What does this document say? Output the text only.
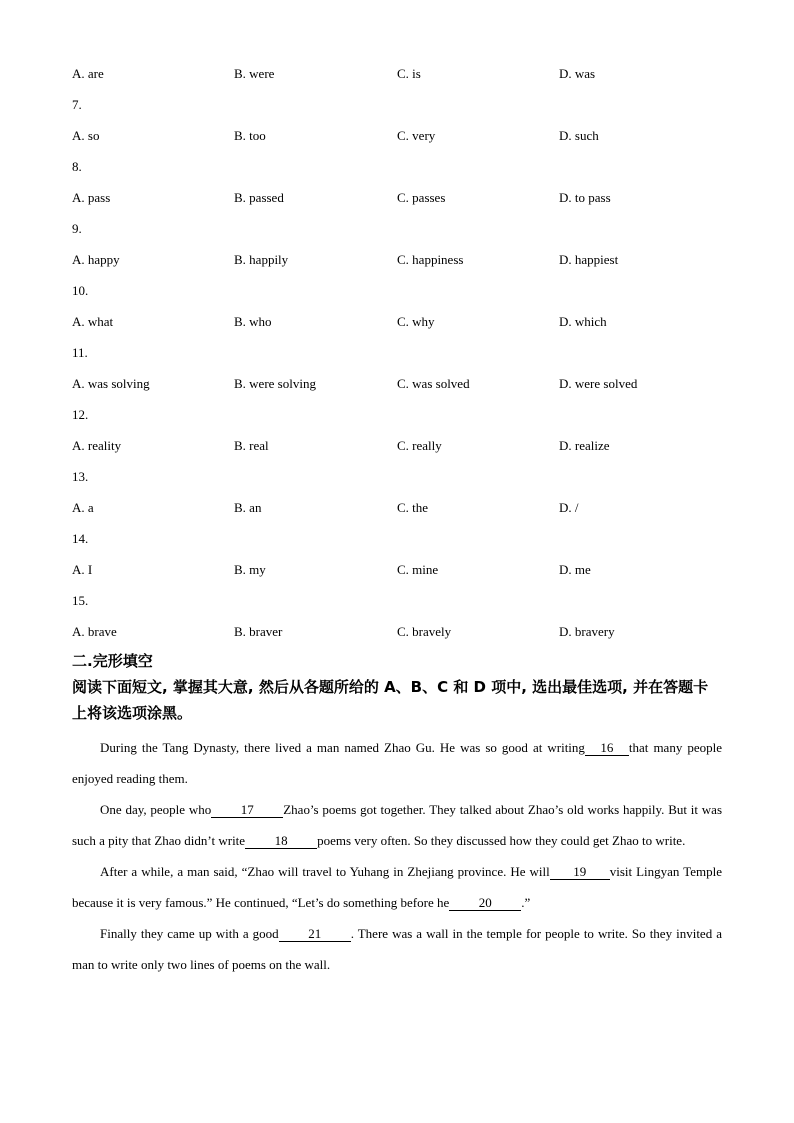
A. are	B. were	C. is	D. was
7.
A. so	B. too	C. very	D. such
8.
A. pass	B. passed	C. passes	D. to pass
9.
A. happy	B. happily	C. happiness	D. happiest
10.
A. what	B. who	C. why	D. which
11.
A. was solving	B. were solving	C. was solved	D. were solved
12.
A. reality	B. real	C. really	D. realize
13.
A. a	B. an	C. the	D. /
14.
A. I	B. my	C. mine	D. me
15.
A. brave	B. braver	C. bravely	D. bravery
二.完形填空
阅读下面短文, 掌握其大意, 然后从各题所给的 A、B、C 和 D 项中, 选出最佳选项, 并在答题卡上将该选项涂黑。
During the Tang Dynasty, there lived a man named Zhao Gu. He was so good at writing 16 that many people enjoyed reading them.
One day, people who 17 Zhao’s poems got together. They talked about Zhao’s old works happily. But it was such a pity that Zhao didn’t write 18 poems very often. So they discussed how they could get Zhao to write.
After a while, a man said, “Zhao will travel to Yuhang in Zhejiang province. He will 19 visit Lingyan Temple because it is very famous.” He continued, “Let’s do something before he 20 .”
Finally they came up with a good 21 . There was a wall in the temple for people to write. So they invited a man to write only two lines of poems on the wall.
